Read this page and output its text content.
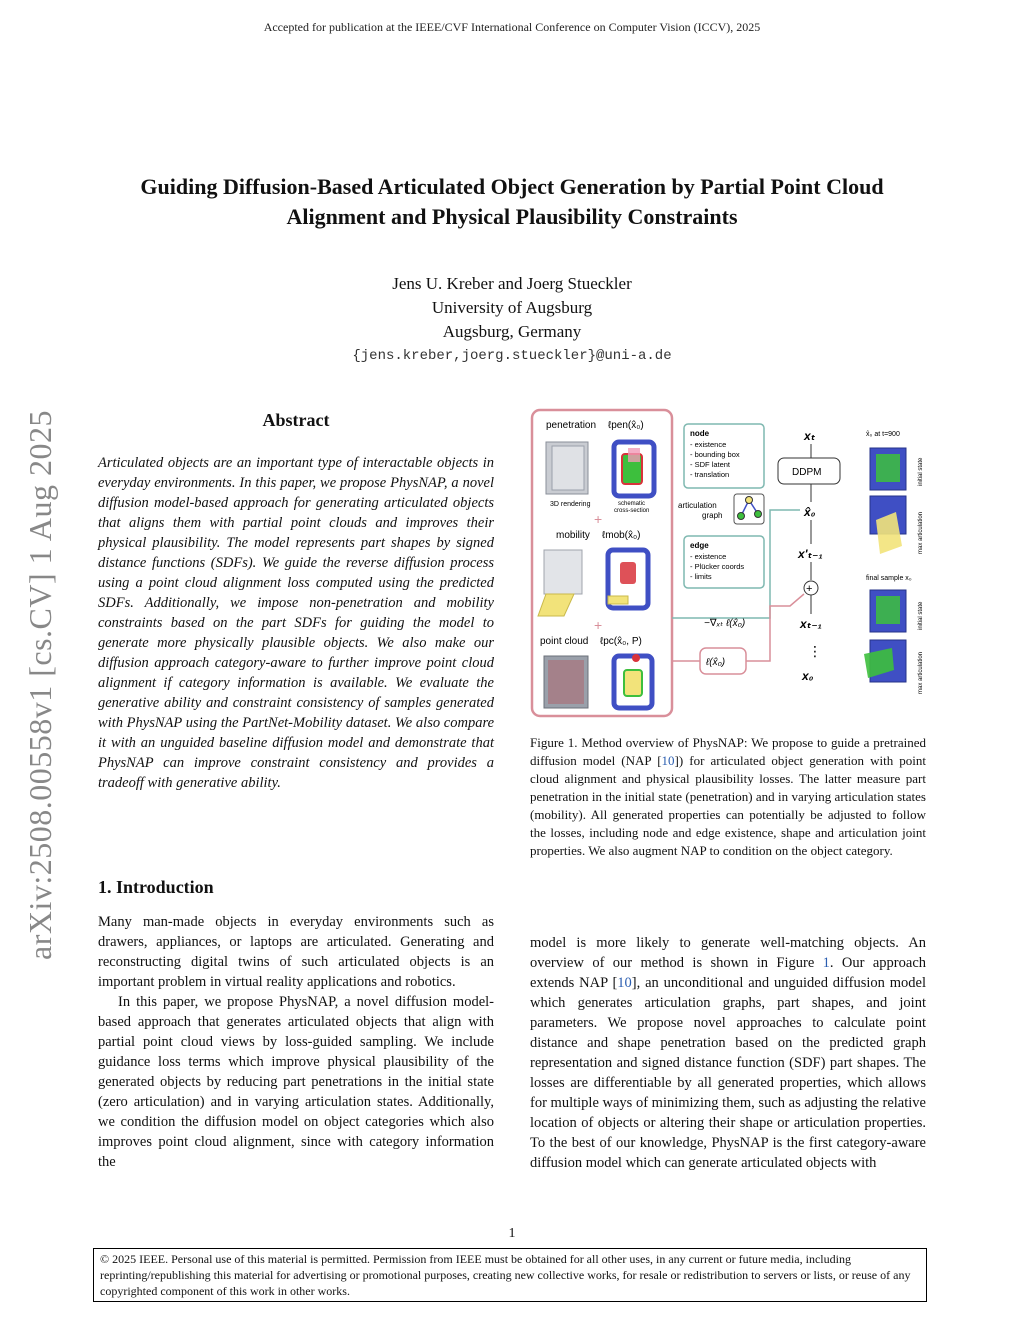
Accepted for publication at the IEEE/CVF International Conference on Computer Vision (ICCV), 2025
Guiding Diffusion-Based Articulated Object Generation by Partial Point Cloud
Alignment and Physical Plausibility Constraints
Jens U. Kreber and Joerg Stueckler
University of Augsburg
Augsburg, Germany
{jens.kreber,joerg.stueckler}@uni-a.de
arXiv:2508.00558v1 [cs.CV] 1 Aug 2025	Abstract
Articulated objects are an important type of interactable objects in everyday environments. In this paper, we propose PhysNAP, a novel diffusion model-based approach for generating articulated objects that aligns them with partial point clouds and improves their physical plausibility. The model represents part shapes by signed distance functions (SDFs). We guide the reverse diffusion process using a point cloud alignment loss computed using the predicted SDFs. Additionally, we impose non-penetration and mobility constraints based on the part SDFs for guiding the model to generate more physically plausible objects. We also make our diffusion approach category-aware to further improve point cloud alignment if category information is available. We evaluate the generative ability and constraint consistency of samples generated with PhysNAP using the PartNet-Mobility dataset. We also compare it with an unguided baseline diffusion model and demonstrate that PhysNAP can improve constraint consistency and provides a tradeoff with generative ability.
1. Introduction

Many man-made objects in everyday environments such as drawers, appliances, or laptops are articulated. Generating and reconstructing digital twins of such articulated objects is an important problem in virtual reality applications and robotics.

In this paper, we propose PhysNAP, a novel diffusion model-based approach that generates articulated objects that align with partial point cloud views by loss-guided sampling. We include guidance loss terms which improve physical plausibility of the generated objects by reducing part penetrations in the initial state (zero articulation) and in varying articulation states. Additionally, we condition the diffusion model on object categories which also improves point cloud alignment, since with category information the

penetration ℓpen(x̂₀)
3D rendering	schematic
cross-section
+
mobility ℓmob(x̂₀)
+
point cloud ℓpc(x̂₀, P)
node
- existence
- bounding box
- SDF latent
- translation
articulation
graph
edge
- existence
- Plücker coords
- limits
xₜ
DDPM
x̂₀
x'ₜ₋₁
+
−∇ₓₜ ℓ(x̂₀)	xₜ₋₁
⋮
x₀
ℓ(x̂₀)
x̂₀ at t=900
final sample x₀
initial state
max articulation
initial state
max articulation
Figure 1. Method overview of PhysNAP: We propose to guide a pretrained diffusion model (NAP [10]) for articulated object generation with point cloud alignment and physical plausibility losses. The latter measure part penetration in the initial state (penetration) and in varying articulation states (mobility). All generated properties can potentially be adjusted to follow the losses, including node and edge existence, shape and articulation joint properties. We also augment NAP to condition on the object category.

model is more likely to generate well-matching objects. An overview of our method is shown in Figure 1. Our approach extends NAP [10], an unconditional and unguided diffusion model which generates articulation graphs, part shapes, and joint parameters. We propose novel approaches to calculate point distance and shape penetration based on the predicted graph representation and signed distance function (SDF) part shapes. The losses are differentiable by all generated properties, which allows for multiple ways of minimizing them, such as adjusting the relative location of objects or altering their shape or articulation properties. To the best of our knowledge, PhysNAP is the first category-aware diffusion model which can generate articulated objects with

1
© 2025 IEEE. Personal use of this material is permitted. Permission from IEEE must be obtained for all other uses, in any current or future media, including reprinting/republishing this material for advertising or promotional purposes, creating new collective works, for resale or redistribution to servers or lists, or reuse of any copyrighted component of this work in other works.
